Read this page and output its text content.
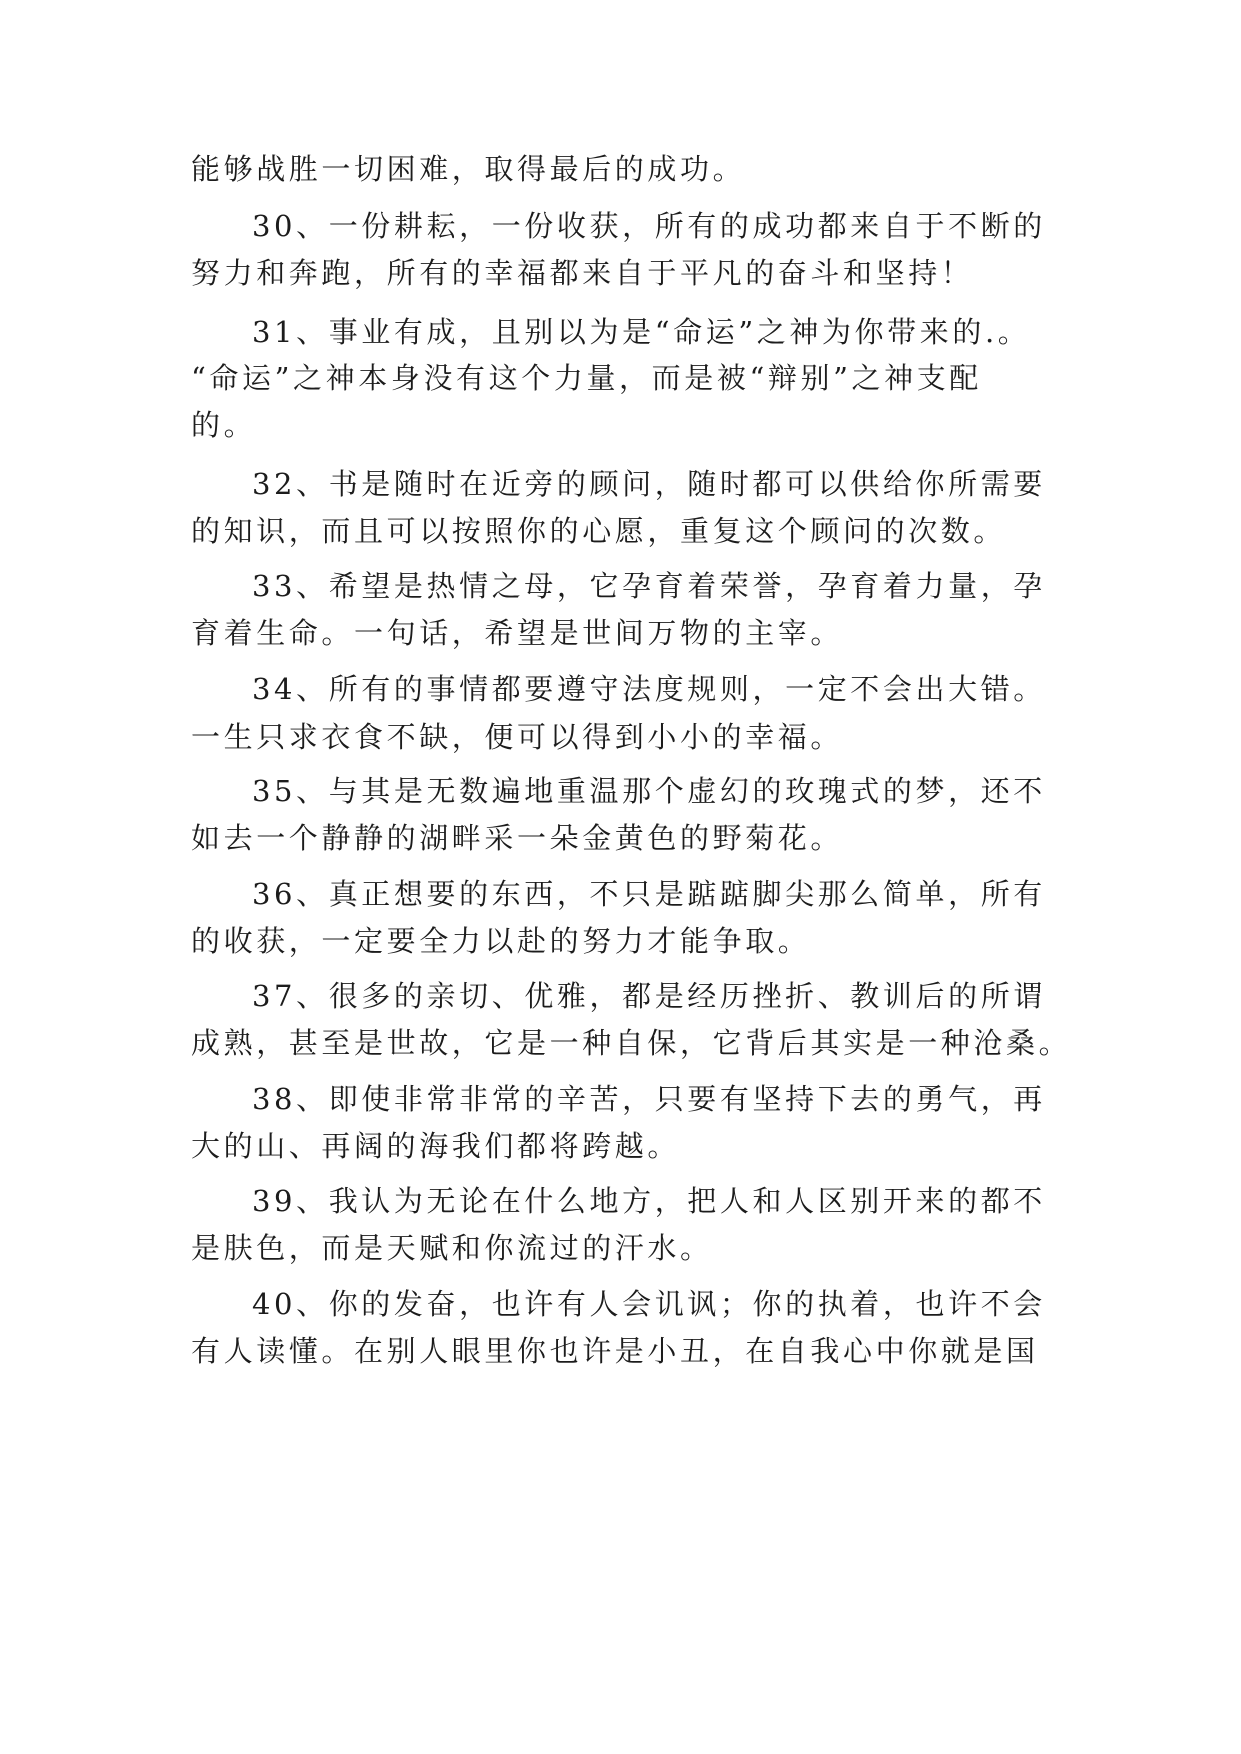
能够战胜一切困难，取得最后的成功。
30、一份耕耘，一份收获，所有的成功都来自于不断的
努力和奔跑，所有的幸福都来自于平凡的奋斗和坚持！
31、事业有成，且别以为是“命运”之神为你带来的.。
“命运”之神本身没有这个力量，而是被“辩别”之神支配
的。
32、书是随时在近旁的顾问，随时都可以供给你所需要
的知识，而且可以按照你的心愿，重复这个顾问的次数。
33、希望是热情之母，它孕育着荣誉，孕育着力量，孕
育着生命。一句话，希望是世间万物的主宰。
34、所有的事情都要遵守法度规则，一定不会出大错。
一生只求衣食不缺，便可以得到小小的幸福。
35、与其是无数遍地重温那个虚幻的玫瑰式的梦，还不
如去一个静静的湖畔采一朵金黄色的野菊花。
36、真正想要的东西，不只是踮踮脚尖那么简单，所有
的收获，一定要全力以赴的努力才能争取。
37、很多的亲切、优雅，都是经历挫折、教训后的所谓
成熟，甚至是世故，它是一种自保，它背后其实是一种沧桑。
38、即使非常非常的辛苦，只要有坚持下去的勇气，再
大的山、再阔的海我们都将跨越。
39、我认为无论在什么地方，把人和人区别开来的都不
是肤色，而是天赋和你流过的汗水。
40、你的发奋，也许有人会讥讽；你的执着，也许不会
有人读懂。在别人眼里你也许是小丑，在自我心中你就是国
